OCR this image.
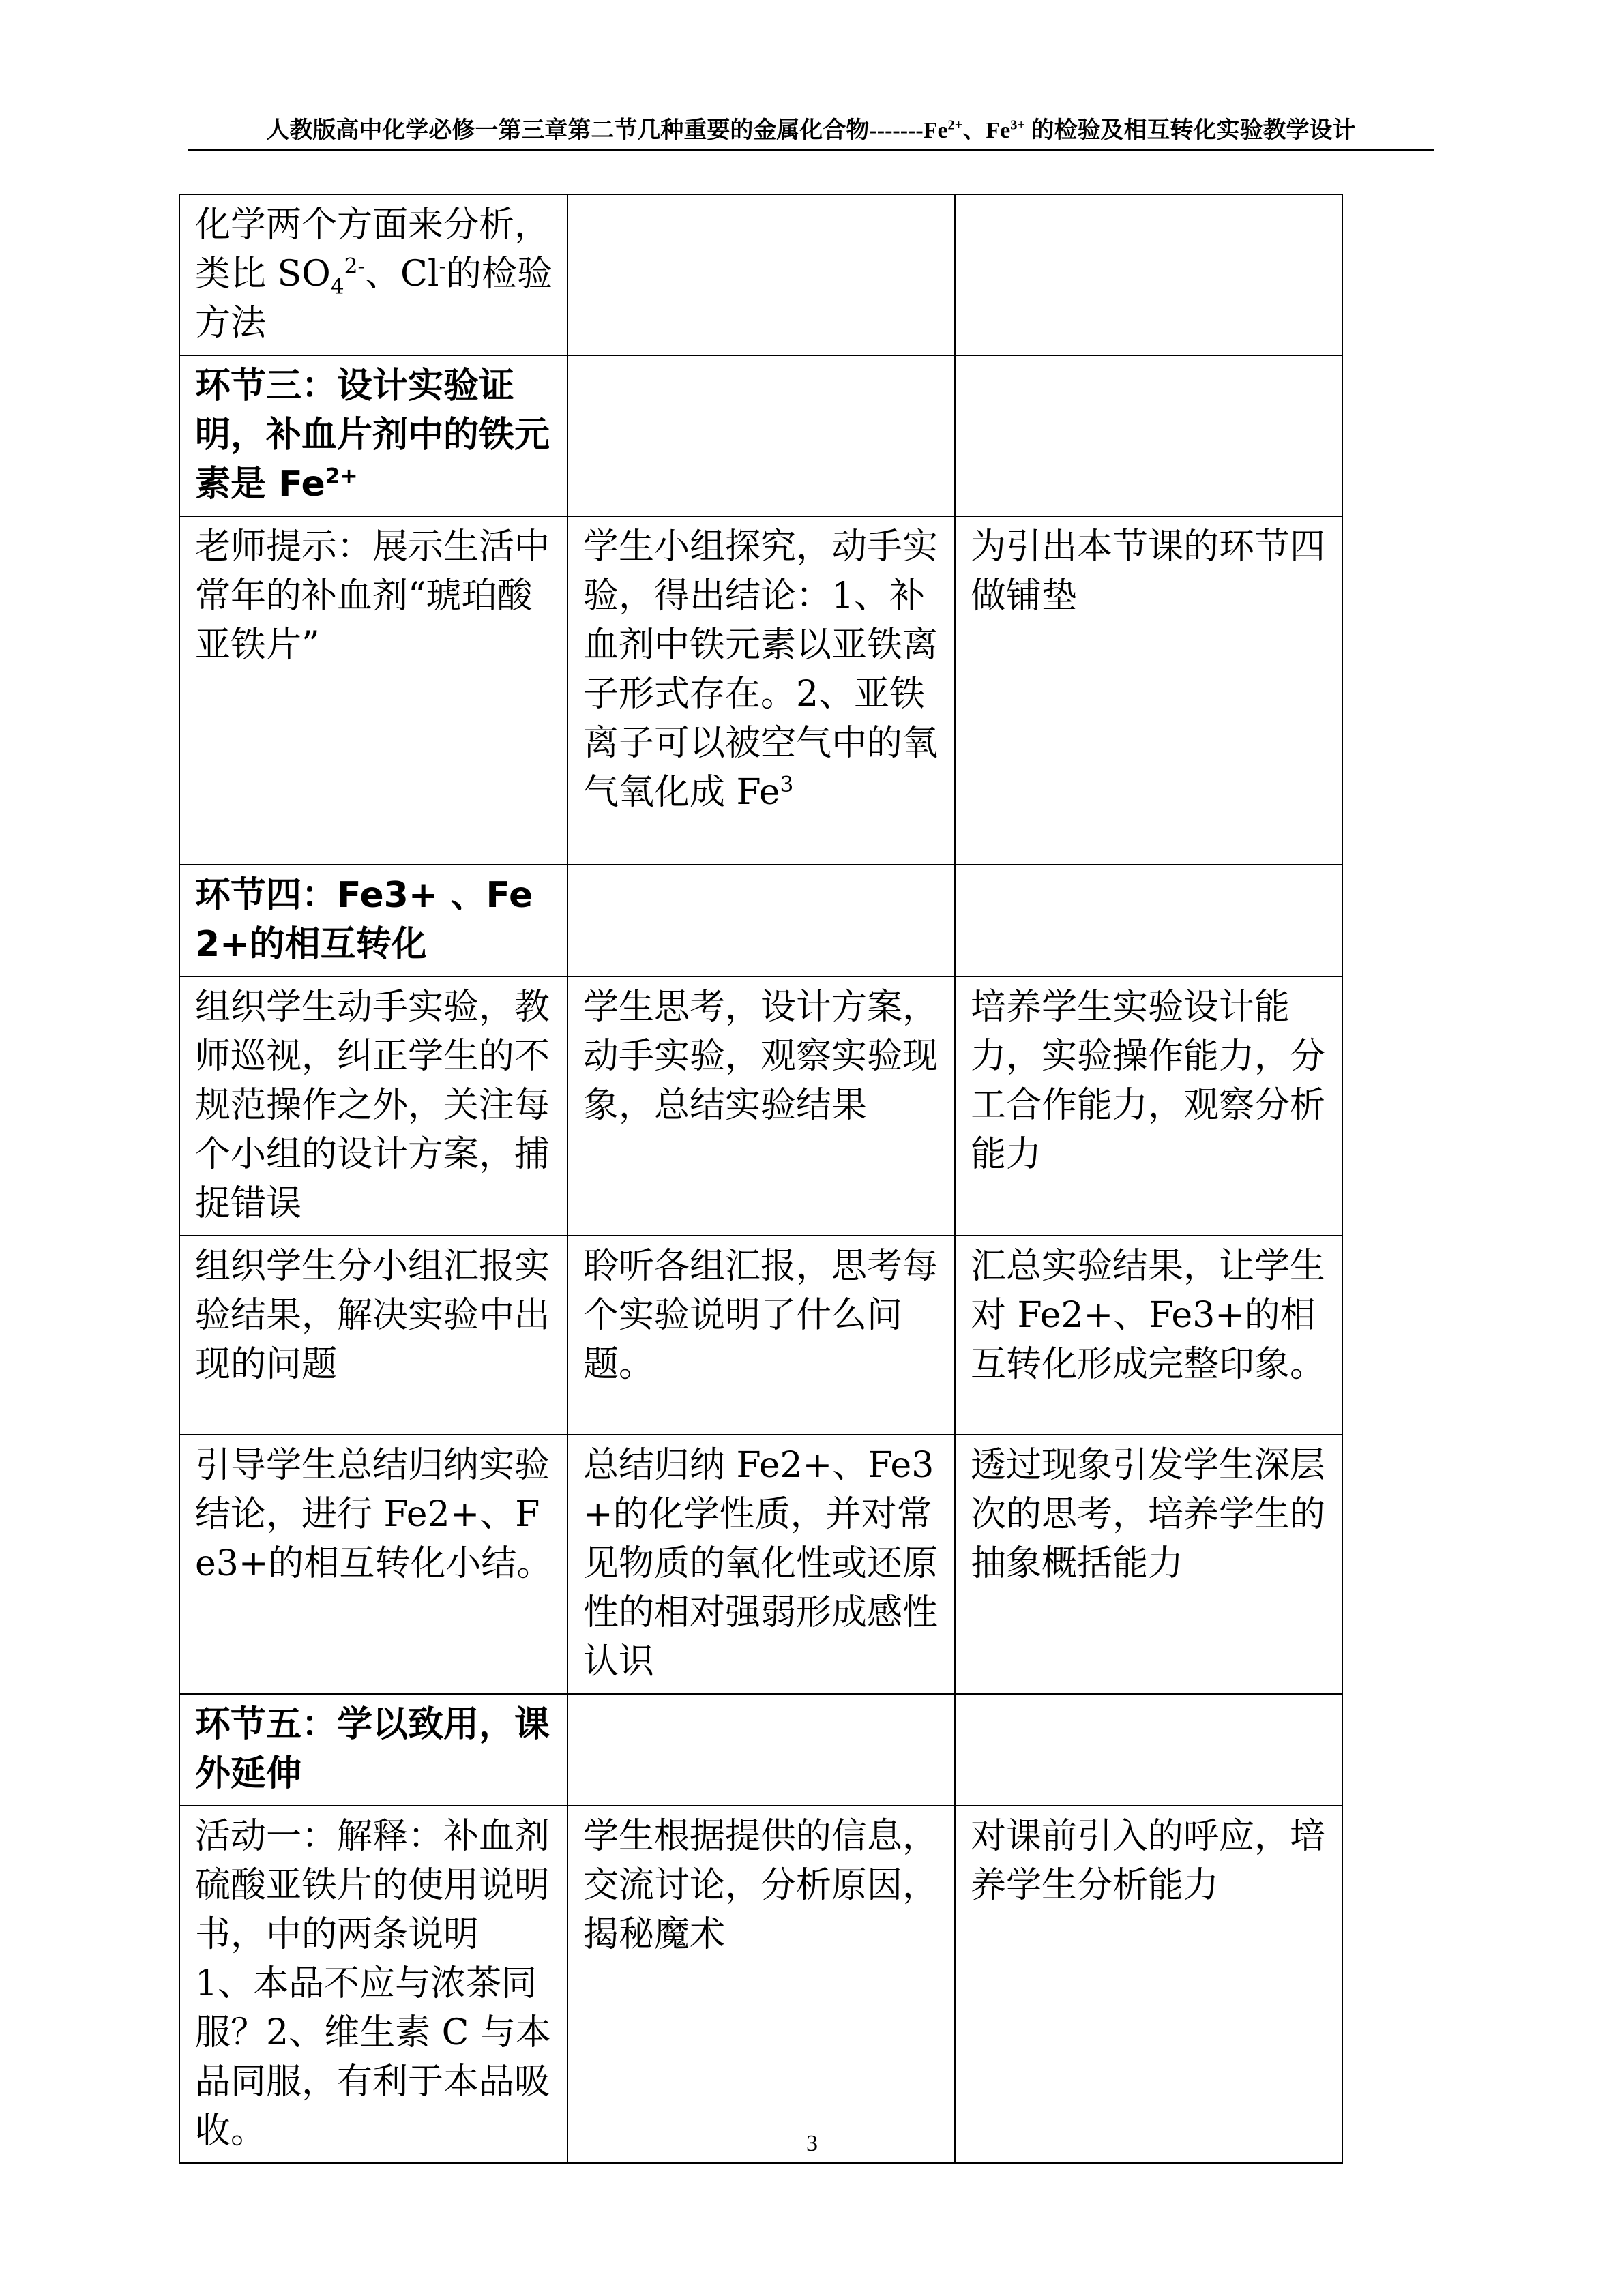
人教版高中化学必修一第三章第二节几种重要的金属化合物$-------Fe^{2+}$、$Fe^{3+}$ 的检验及相互转化实验教学设计
化学两个方面来分析，类比 $SO_4^{2-}$、Cl-的检验方法		
环节三：设计实验证明，补血片剂中的铁元素是 $Fe^{2+}$		
老师提示：展示生活中常年的补血剂“琥珀酸亚铁片”	学生小组探究，动手实验，得出结论：1、补血剂中铁元素以亚铁离子形式存在。2、亚铁离子可以被空气中的氧气氧化成 Fe$^3$	为引出本节课的环节四做铺垫
环节四：Fe3+ 、Fe2+的相互转化		
组织学生动手实验，教师巡视，纠正学生的不规范操作之外，关注每个小组的设计方案，捕捉错误	学生思考，设计方案，动手实验，观察实验现象，总结实验结果	培养学生实验设计能力，实验操作能力，分工合作能力，观察分析能力
组织学生分小组汇报实验结果，解决实验中出现的问题	聆听各组汇报，思考每个实验说明了什么问题。	汇总实验结果，让学生对 Fe2+、Fe3+的相互转化形成完整印象。
引导学生总结归纳实验结论，进行 Fe2+、Fe3+的相互转化小结。	总结归纳 Fe2+、Fe3+的化学性质，并对常见物质的氧化性或还原性的相对强弱形成感性认识	透过现象引发学生深层次的思考，培养学生的抽象概括能力
环节五：学以致用，课外延伸		
活动一：解释：补血剂硫酸亚铁片的使用说明书，中的两条说明　1、本品不应与浓茶同服？2、维生素 C 与本品同服，有利于本品吸收。	学生根据提供的信息，交流讨论，分析原因，揭秘魔术	对课前引入的呼应，培养学生分析能力
3
